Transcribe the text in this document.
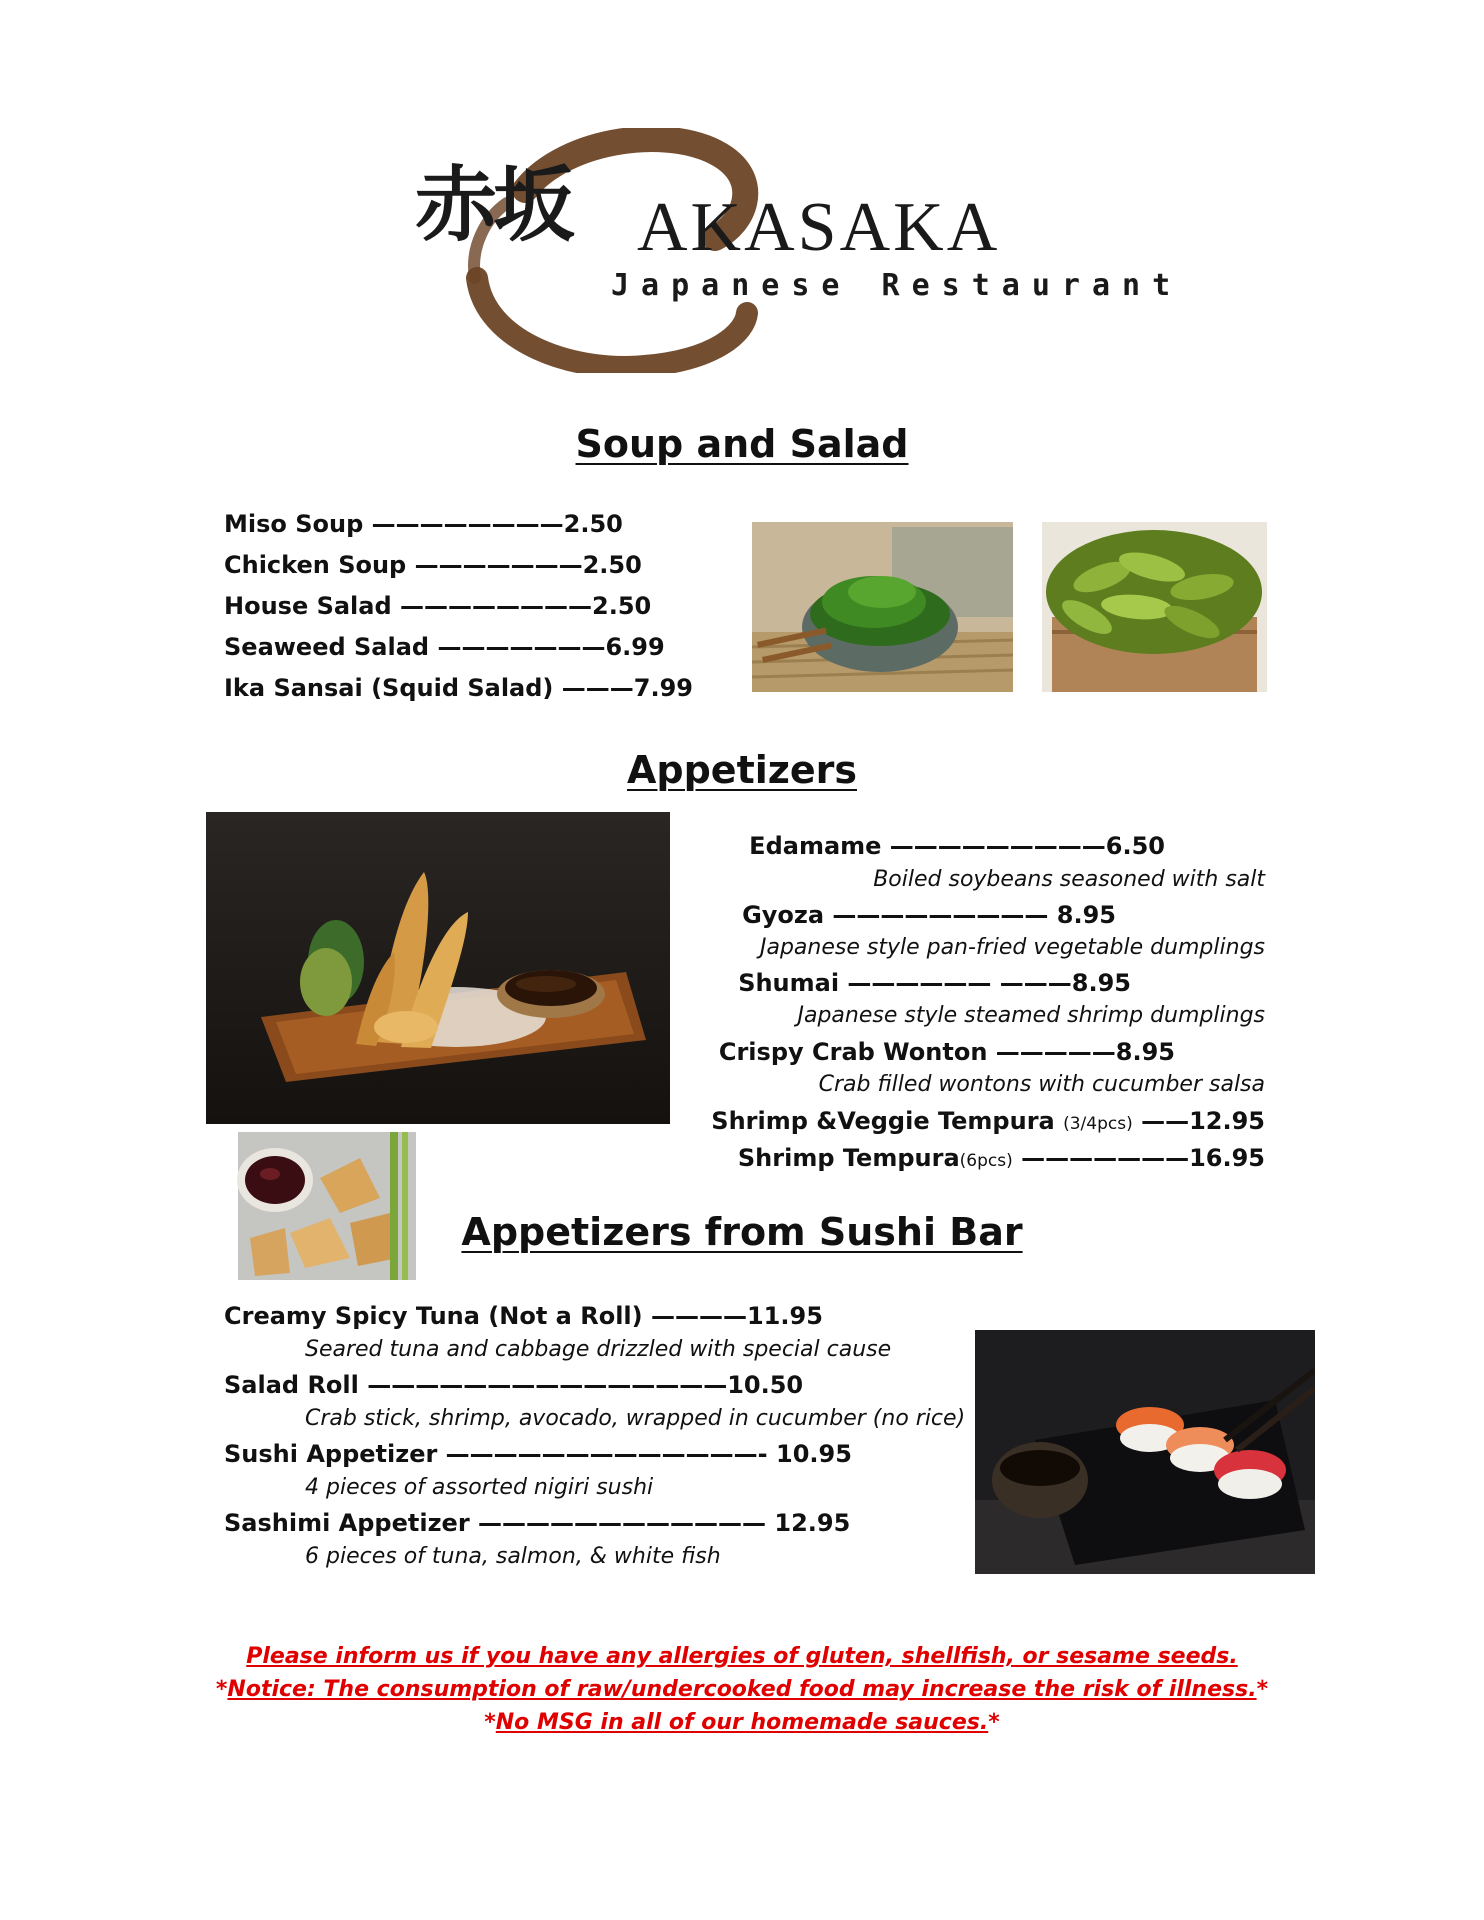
赤坂 AKASAKA
Japanese Restaurant
Soup and Salad
Miso Soup ————————2.50
Chicken Soup ———————2.50
House Salad ————————2.50
Seaweed Salad ———————6.99
Ika Sansai (Squid Salad) ———7.99
Appetizers
Edamame —————————6.50
Boiled soybeans seasoned with salt
Gyoza ————————— 8.95
Japanese style pan-fried vegetable dumplings
Shumai —————— ———8.95
Japanese style steamed shrimp dumplings
Crispy Crab Wonton —————8.95
Crab filled wontons with cucumber salsa
Shrimp &Veggie Tempura (3/4pcs) ——12.95
Shrimp Tempura(6pcs) ———————16.95
Appetizers from Sushi Bar
Creamy Spicy Tuna (Not a Roll) ————11.95
Seared tuna and cabbage drizzled with special cause
Salad Roll ———————————————10.50
Crab stick, shrimp, avocado, wrapped in cucumber (no rice)
Sushi Appetizer —————————————- 10.95
4 pieces of assorted nigiri sushi
Sashimi Appetizer ———————————— 12.95
6 pieces of tuna, salmon, & white fish
Please inform us if you have any allergies of gluten, shellfish, or sesame seeds.
*Notice: The consumption of raw/undercooked food may increase the risk of illness.*
*No MSG in all of our homemade sauces.*
